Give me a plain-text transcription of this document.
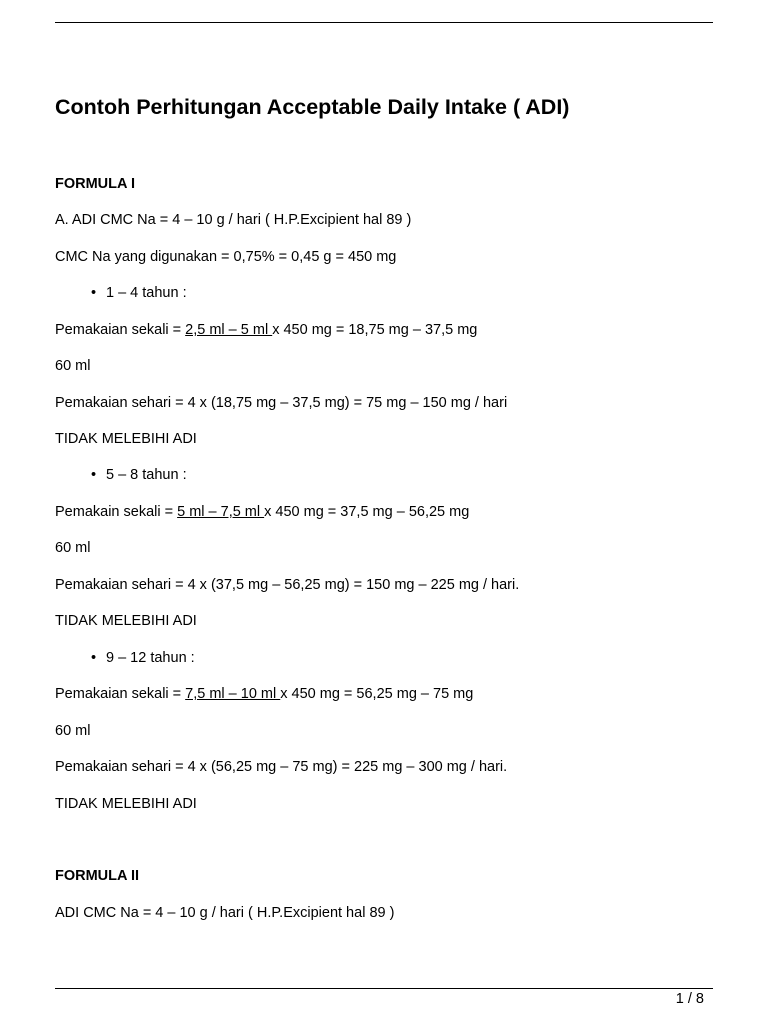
Contoh Perhitungan Acceptable Daily Intake ( ADI)

FORMULA I

A. ADI CMC Na = 4 – 10 g / hari ( H.P.Excipient hal 89 )

CMC Na yang digunakan = 0,75% = 0,45 g = 450 mg

• 1 – 4 tahun :

Pemakaian sekali = 2,5 ml – 5 ml x 450 mg = 18,75 mg – 37,5 mg

60 ml

Pemakaian sehari = 4 x (18,75 mg – 37,5 mg) = 75 mg – 150 mg / hari

TIDAK MELEBIHI ADI

• 5 – 8 tahun :

Pemakain sekali = 5 ml – 7,5 ml x 450 mg = 37,5 mg – 56,25 mg

60 ml

Pemakaian sehari = 4 x (37,5 mg – 56,25 mg) = 150 mg – 225 mg / hari.

TIDAK MELEBIHI ADI

• 9 – 12 tahun :

Pemakaian sekali = 7,5 ml – 10 ml x 450 mg = 56,25 mg – 75 mg

60 ml

Pemakaian sehari = 4 x (56,25 mg – 75 mg) = 225 mg – 300 mg / hari.

TIDAK MELEBIHI ADI

FORMULA II

ADI CMC Na = 4 – 10 g / hari ( H.P.Excipient hal 89 )

1 / 8
